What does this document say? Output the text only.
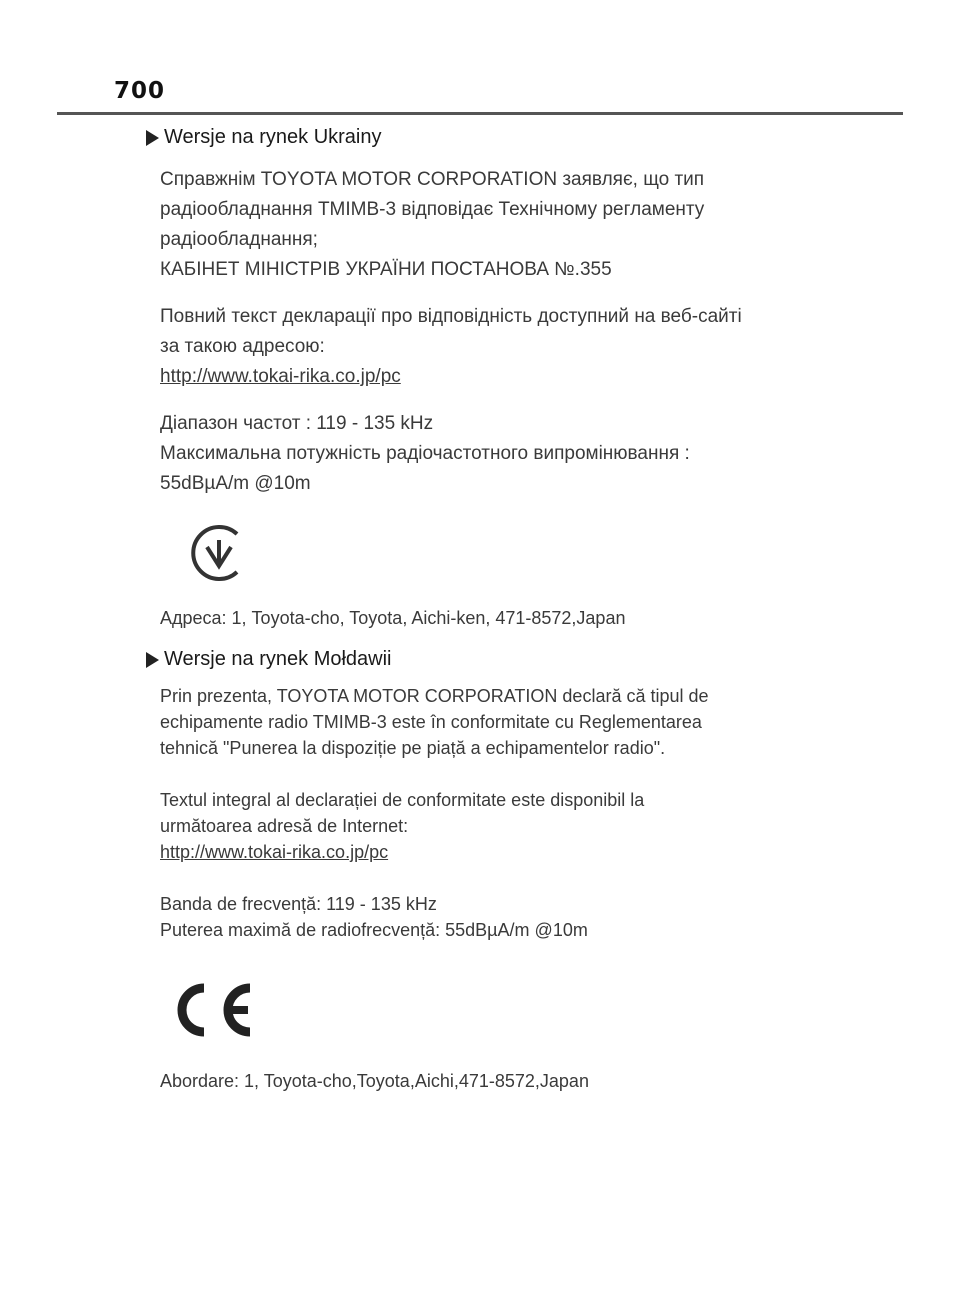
700
Wersje na rynek Ukrainy
Справжнім TOYOTA MOTOR CORPORATION заявляє, що тип
радіообладнання TMIMB-3 відповідає Технічному регламенту
радіообладнання;
КАБІНЕТ МІНІСТРІВ УКРАЇНИ ПОСТАНОВА №.355
Повний текст декларації про відповідність доступний на веб-сайті
за такою адресою:
http://www.tokai-rika.co.jp/pc
Діапазон частот : 119 - 135 kHz
Максимальна потужність радіочастотного випромінювання :
55dBµA/m @10m
Адреса: 1, Toyota-cho, Toyota, Aichi-ken, 471-8572,Japan
Wersje na rynek Mołdawii
Prin prezenta, TOYOTA MOTOR CORPORATION declară că tipul de
echipamente radio TMIMB-3 este în conformitate cu Reglementarea
tehnică "Punerea la dispoziție pe piață a echipamentelor radio".
Textul integral al declarației de conformitate este disponibil la
următoarea adresă de Internet:
http://www.tokai-rika.co.jp/pc
Banda de frecvență: 119 - 135 kHz
Puterea maximă de radiofrecvență: 55dBµA/m @10m
Abordare: 1, Toyota-cho,Toyota,Aichi,471-8572,Japan
